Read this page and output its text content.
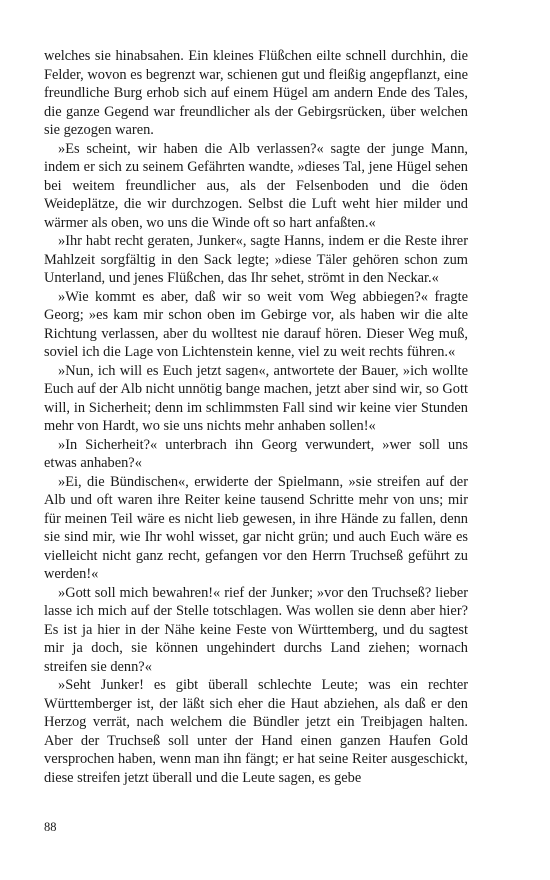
welches sie hinabsahen. Ein kleines Flüßchen eilte schnell durchhin, die Felder, wovon es begrenzt war, schienen gut und fleißig angepflanzt, eine freundliche Burg erhob sich auf einem Hügel am andern Ende des Tales, die ganze Gegend war freundlicher als der Gebirgsrücken, über welchen sie gezogen waren.

»Es scheint, wir haben die Alb verlassen?« sagte der junge Mann, indem er sich zu seinem Gefährten wandte, »dieses Tal, jene Hügel sehen bei weitem freundlicher aus, als der Felsenboden und die öden Weideplätze, die wir durchzogen. Selbst die Luft weht hier milder und wärmer als oben, wo uns die Winde oft so hart anfaßten.«

»Ihr habt recht geraten, Junker«, sagte Hanns, indem er die Reste ihrer Mahlzeit sorgfältig in den Sack legte; »diese Täler gehören schon zum Unterland, und jenes Flüßchen, das Ihr sehet, strömt in den Neckar.«

»Wie kommt es aber, daß wir so weit vom Weg abbiegen?« fragte Georg; »es kam mir schon oben im Gebirge vor, als haben wir die alte Richtung verlassen, aber du wolltest nie darauf hören. Dieser Weg muß, soviel ich die Lage von Lichtenstein kenne, viel zu weit rechts führen.«

»Nun, ich will es Euch jetzt sagen«, antwortete der Bauer, »ich wollte Euch auf der Alb nicht unnötig bange machen, jetzt aber sind wir, so Gott will, in Sicherheit; denn im schlimmsten Fall sind wir keine vier Stunden mehr von Hardt, wo sie uns nichts mehr anhaben sollen!«

»In Sicherheit?« unterbrach ihn Georg verwundert, »wer soll uns etwas anhaben?«

»Ei, die Bündischen«, erwiderte der Spielmann, »sie streifen auf der Alb und oft waren ihre Reiter keine tausend Schritte mehr von uns; mir für meinen Teil wäre es nicht lieb gewesen, in ihre Hände zu fallen, denn sie sind mir, wie Ihr wohl wisset, gar nicht grün; und auch Euch wäre es vielleicht nicht ganz recht, gefangen vor den Herrn Truchseß geführt zu werden!«

»Gott soll mich bewahren!« rief der Junker; »vor den Truchseß? lieber lasse ich mich auf der Stelle totschlagen. Was wollen sie denn aber hier? Es ist ja hier in der Nähe keine Feste von Württemberg, und du sagtest mir ja doch, sie können ungehindert durchs Land ziehen; wornach streifen sie denn?«

»Seht Junker! es gibt überall schlechte Leute; was ein rechter Württemberger ist, der läßt sich eher die Haut abziehen, als daß er den Herzog verrät, nach welchem die Bündler jetzt ein Treibjagen halten. Aber der Truchseß soll unter der Hand einen ganzen Haufen Gold versprochen haben, wenn man ihn fängt; er hat seine Reiter ausgeschickt, diese streifen jetzt überall und die Leute sagen, es gebe

88
